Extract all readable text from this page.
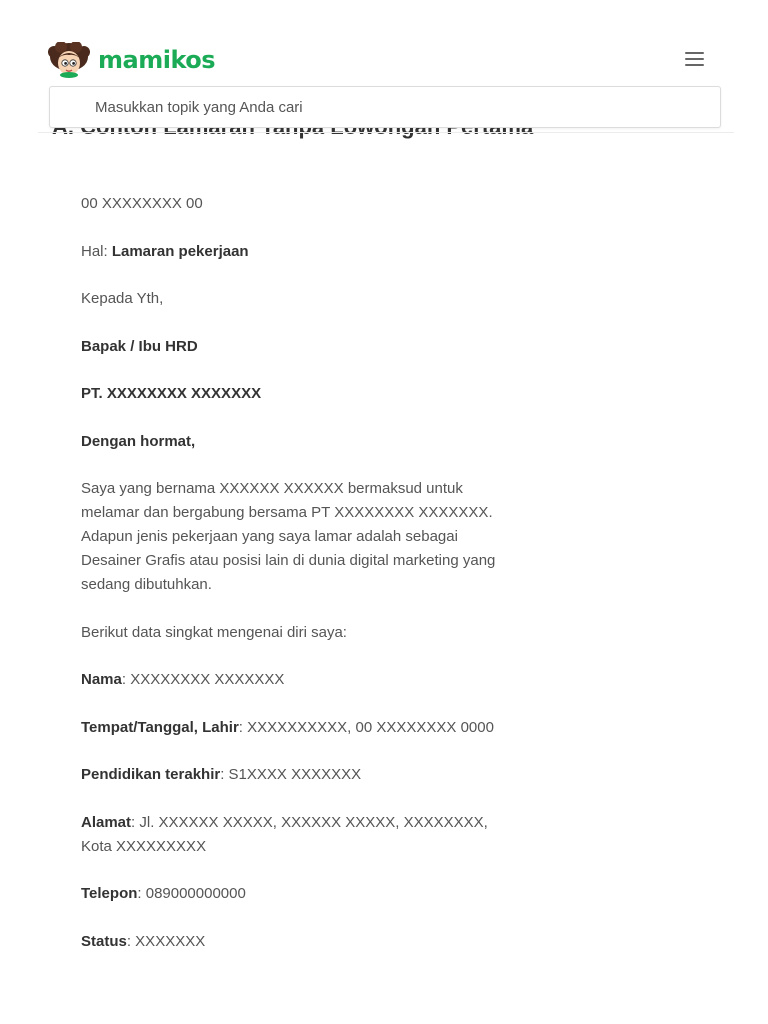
mamikos
Masukkan topik yang Anda cari

00 XXXXXXXX 00

Hal: Lamaran pekerjaan

Kepada Yth,

Bapak / Ibu HRD

PT. XXXXXXXX XXXXXXX

Dengan hormat,

Saya yang bernama XXXXXX XXXXXX bermaksud untuk melamar dan bergabung bersama PT XXXXXXXX XXXXXXX. Adapun jenis pekerjaan yang saya lamar adalah sebagai Desainer Grafis atau posisi lain di dunia digital marketing yang sedang dibutuhkan.

Berikut data singkat mengenai diri saya:

Nama: XXXXXXXX XXXXXXX

Tempat/Tanggal, Lahir: XXXXXXXXXX, 00 XXXXXXXX 0000

Pendidikan terakhir: S1XXXX XXXXXXX

Alamat: Jl. XXXXXX XXXXX, XXXXXX XXXXX, XXXXXXXX, Kota XXXXXXXXX

Telepon: 089000000000

Status: XXXXXXX
